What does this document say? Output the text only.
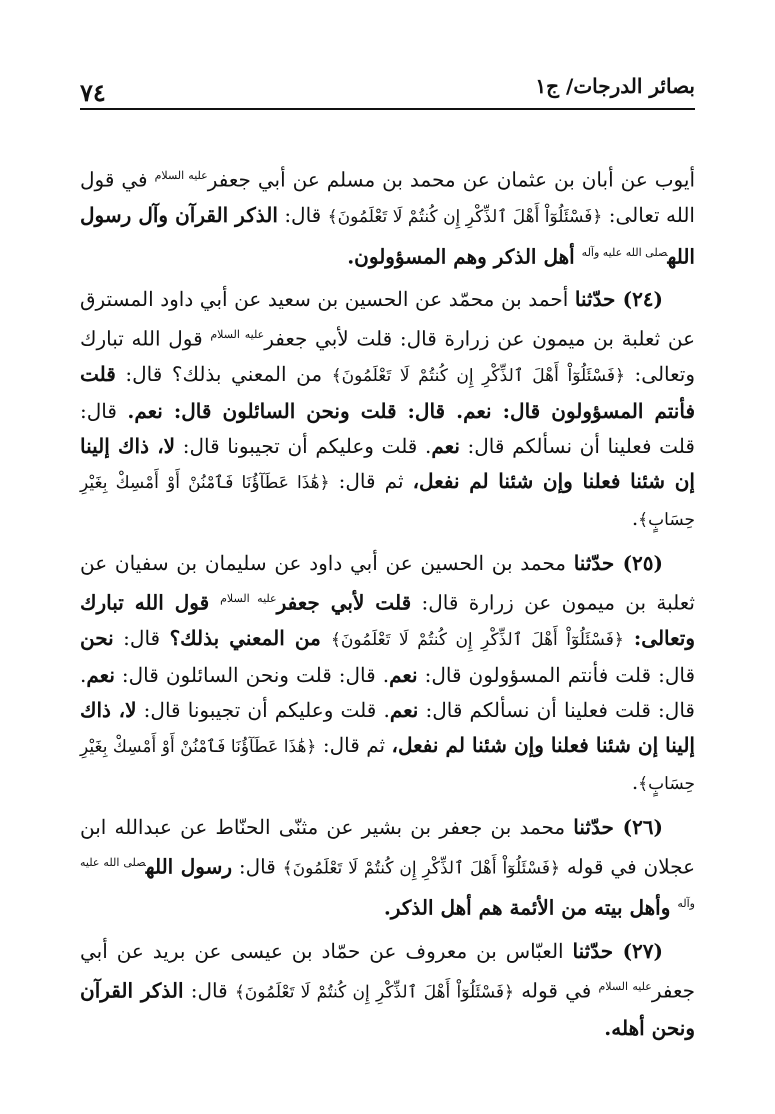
بصائر الدرجات/ ج١
٧٤

أيوب عن أبان بن عثمان عن محمد بن مسلم عن أبي جعفر$^{عليه السلام}$ في قول الله تعالى: ﴿فَسْئَلُوٓاْ أَهْلَ ٱلذِّكْرِ إِن كُنتُمْ لَا تَعْلَمُونَ﴾ قال: الذكر القرآن وآل رسول الله$^{صلى الله عليه وآله}$ أهل الذكر وهم المسؤولون.

(٢٤) حدّثنا أحمد بن محمّد عن الحسين بن سعيد عن أبي داود المسترق عن ثعلبة بن ميمون عن زرارة قال: قلت لأبي جعفر$^{عليه السلام}$ قول الله تبارك وتعالى: ﴿فَسْئَلُوٓاْ أَهْلَ ٱلذِّكْرِ إِن كُنتُمْ لَا تَعْلَمُونَ﴾ من المعني بذلك؟ قال: قلت فأنتم المسؤولون قال: نعم. قال: قلت ونحن السائلون قال: نعم. قال: قلت فعلينا أن نسألكم قال: نعم. قلت وعليكم أن تجيبونا قال: لا، ذاك إلينا إن شئنا فعلنا وإن شئنا لم نفعل، ثم قال: ﴿هَٰذَا عَطَآؤُنَا فَٱمْنُنْ أَوْ أَمْسِكْ بِغَيْرِ حِسَابٍ﴾.

(٢٥) حدّثنا محمد بن الحسين عن أبي داود عن سليمان بن سفيان عن ثعلبة بن ميمون عن زرارة قال: قلت لأبي جعفر$^{عليه السلام}$ قول الله تبارك وتعالى: ﴿فَسْئَلُوٓاْ أَهْلَ ٱلذِّكْرِ إِن كُنتُمْ لَا تَعْلَمُونَ﴾ من المعني بذلك؟ قال: نحن قال: قلت فأنتم المسؤولون قال: نعم. قال: قلت ونحن السائلون قال: نعم. قال: قلت فعلينا أن نسألكم قال: نعم. قلت وعليكم أن تجيبونا قال: لا، ذاك إلينا إن شئنا فعلنا وإن شئنا لم نفعل، ثم قال: ﴿هَٰذَا عَطَآؤُنَا فَٱمْنُنْ أَوْ أَمْسِكْ بِغَيْرِ حِسَابٍ﴾.

(٢٦) حدّثنا محمد بن جعفر بن بشير عن مثنّى الحنّاط عن عبدالله ابن عجلان في قوله ﴿فَسْئَلُوٓاْ أَهْلَ ٱلذِّكْرِ إِن كُنتُمْ لَا تَعْلَمُونَ﴾ قال: رسول الله$^{صلى الله عليه وآله}$ وأهل بيته من الأئمة هم أهل الذكر.

(٢٧) حدّثنا العبّاس بن معروف عن حمّاد بن عيسى عن بريد عن أبي جعفر$^{عليه السلام}$ في قوله ﴿فَسْئَلُوٓاْ أَهْلَ ٱلذِّكْرِ إِن كُنتُمْ لَا تَعْلَمُونَ﴾ قال: الذكر القرآن ونحن أهله.
